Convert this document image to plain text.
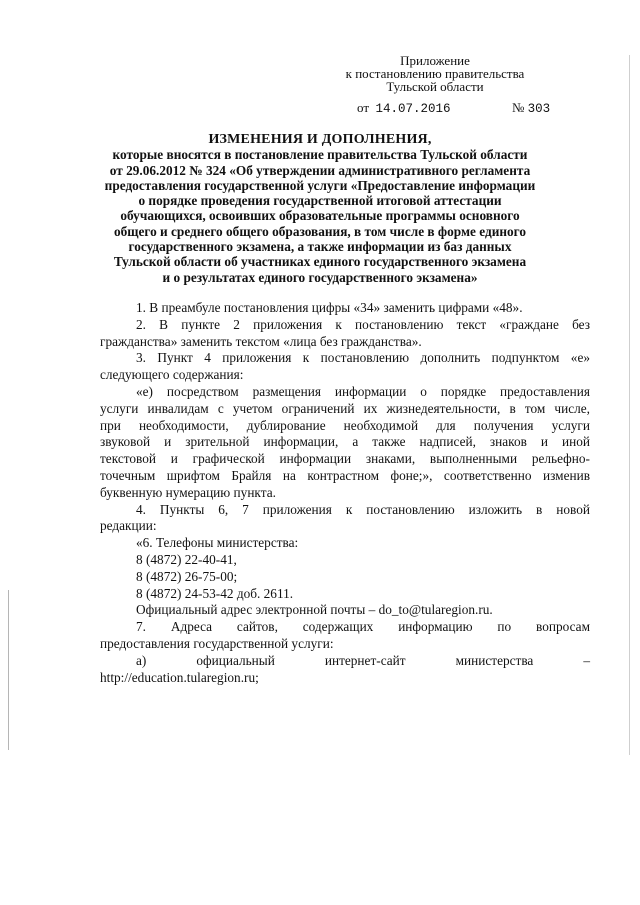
Приложение
к постановлению правительства
Тульской области
от 14.07.2016	№ 303
ИЗМЕНЕНИЯ И ДОПОЛНЕНИЯ,
которые вносятся в постановление правительства Тульской области
от 29.06.2012 № 324 «Об утверждении административного регламента
предоставления государственной услуги «Предоставление информации
о порядке проведения государственной итоговой аттестации
обучающихся, освоивших образовательные программы основного
общего и среднего общего образования, в том числе в форме единого
государственного экзамена, а также информации из баз данных
Тульской области об участниках единого государственного экзамена
и о результатах единого государственного экзамена»

1. В преамбуле постановления цифры «34» заменить цифрами «48».

2. В пункте 2 приложения к постановлению текст «граждане без

гражданства» заменить текстом «лица без гражданства».

3. Пункт 4 приложения к постановлению дополнить подпунктом «е»

следующего содержания:

«е) посредством размещения информации о порядке предоставления

услуги инвалидам с учетом ограничений их жизнедеятельности, в том числе,

при необходимости, дублирование необходимой для получения услуги

звуковой и зрительной информации, а также надписей, знаков и иной

текстовой и графической информации знаками, выполненными рельефно-

точечным шрифтом Брайля на контрастном фоне;», соответственно изменив

буквенную нумерацию пункта.

4. Пункты 6, 7 приложения к постановлению изложить в новой

редакции:

«6. Телефоны министерства:

8 (4872) 22-40-41,

8 (4872) 26-75-00;

8 (4872) 24-53-42 доб. 2611.

Официальный адрес электронной почты – do_to@tularegion.ru.

7. Адреса сайтов, содержащих информацию по вопросам

предоставления государственной услуги:

а) официальный интернет-сайт министерства –

http://education.tularegion.ru;
